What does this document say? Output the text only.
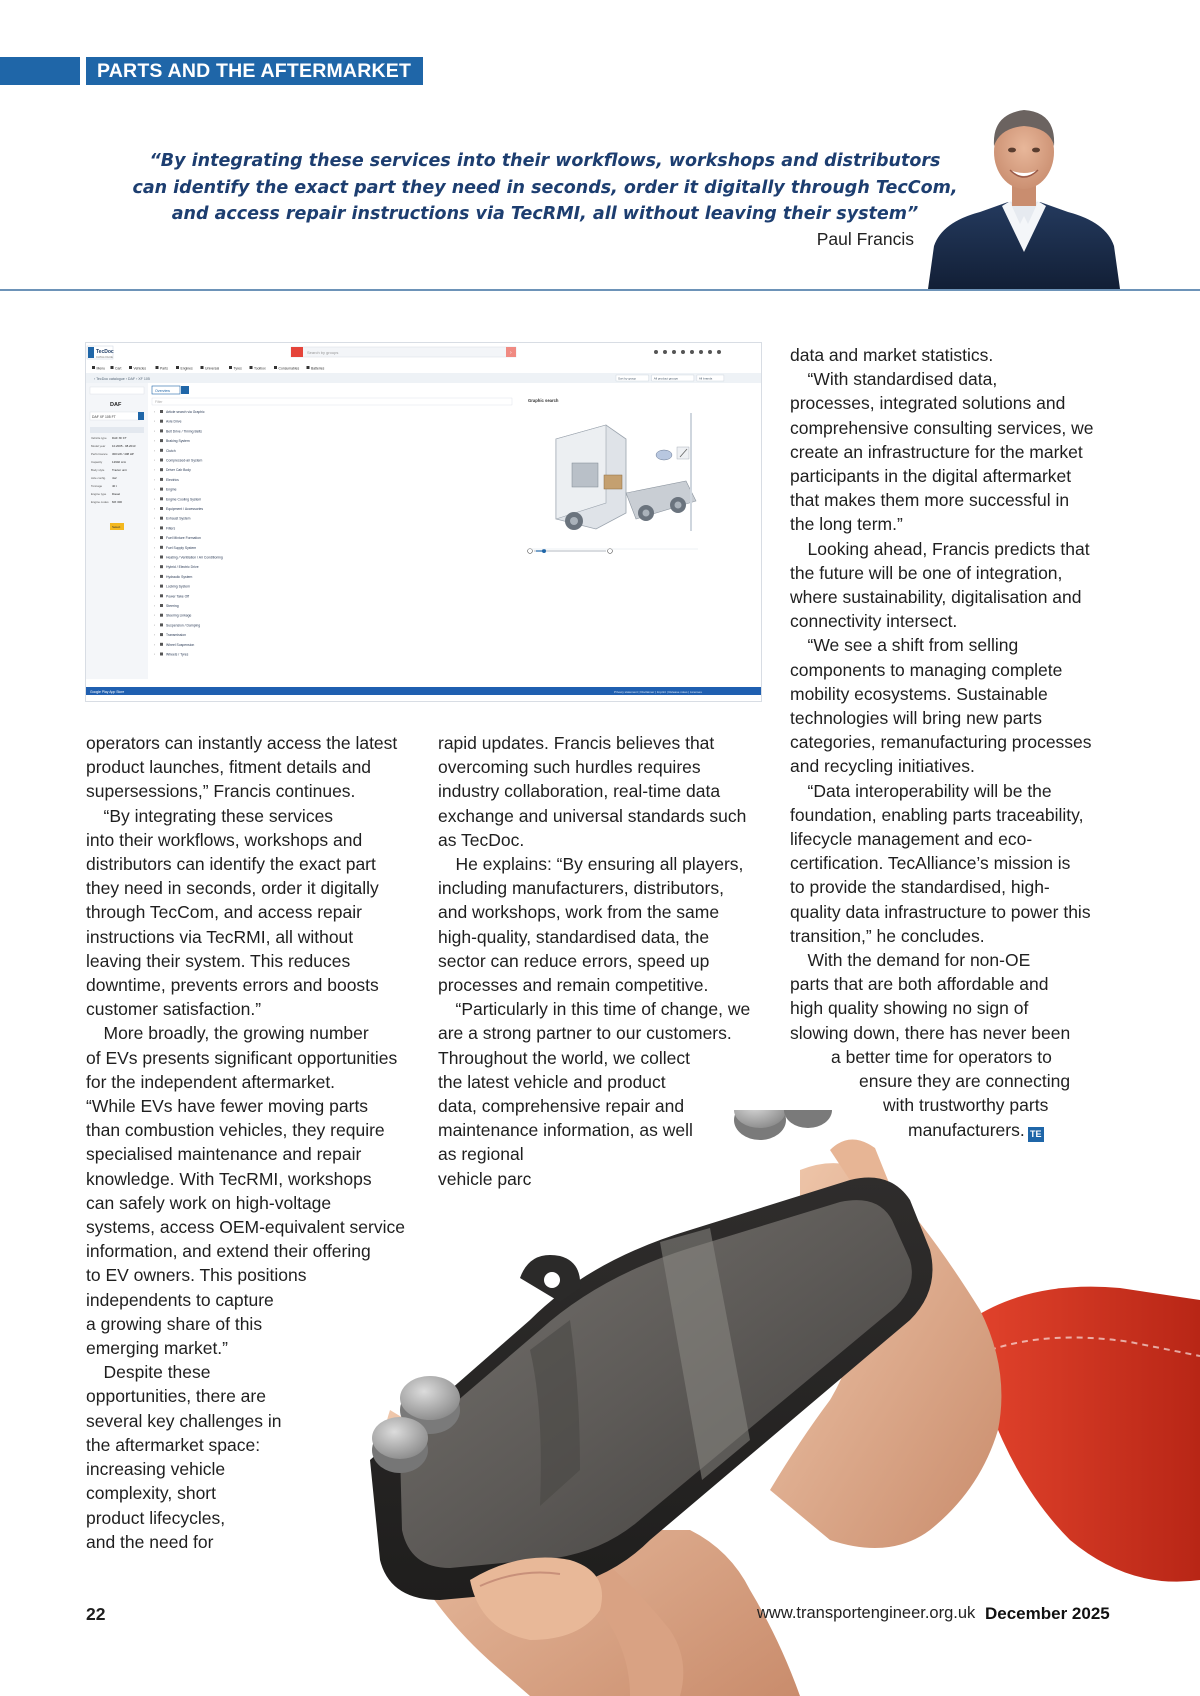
PARTS AND THE AFTERMARKET
“By integrating these services into their workflows, workshops and distributors
can identify the exact part they need in seconds, order it digitally through TecCom,
and access repair instructions via TecRMI, all without leaving their system”
Paul Francis
TecDoc
CATALOGUE
Search by groups	›
Menu	Cart	Vehicles	Parts	Engines	Universal	Tyres	Toolbox	Consumables	Batteries
‹ TecDoc catalogue › DAF › XF 105	Sort by group	All product groups	All brands
DAF
DAF XF 105 FT
Vehicle type DAF XF FT
Model year 10.2005 - 08.2013
Performance 300 kW / 408 HP
Capacity	12902 ccm
Body style	Tractor unit
Axle config. 4x2
Tonnage	40 t
Engine type Diesel
Engine codes MX 300
Select
Overview
Filter
›	Article search via Graphic
›	Axle Drive
›	Belt Drive / Timing Belts
›	Braking System
›	Clutch
›	Compressed-air System
›	Driver Cab Body
›	Electrics
›	Engine
›	Engine Cooling System
›	Equipment / Accessories
›	Exhaust System
›	Filters
›	Fuel Mixture Formation
›	Fuel Supply System
›	Heating / Ventilation / Air Conditioning
›	Hybrid / Electric Drive
›	Hydraulic System
›	Locking System
›	Power Take Off
›	Steering
›	Steering Linkage
›	Suspension / Damping
›	Transmission
›	Wheel Suspension
›	Wheels / Tyres
Graphic search
Google Play App Store	Privacy statement | Disclaimer | Imprint | Release notes | Licenses

operators can instantly access the latest

product launches, fitment details and

supersessions,” Francis continues.

 “By integrating these services

into their workflows, workshops and

distributors can identify the exact part

they need in seconds, order it digitally

through TecCom, and access repair

instructions via TecRMI, all without

leaving their system. This reduces

downtime, prevents errors and boosts

customer satisfaction.”

 More broadly, the growing number

of EVs presents significant opportunities

for the independent aftermarket.

“While EVs have fewer moving parts

than combustion vehicles, they require

specialised maintenance and repair

knowledge. With TecRMI, workshops

can safely work on high-voltage

systems, access OEM-equivalent service

information, and extend their offering

to EV owners. This positions

independents to capture

a growing share of this

emerging market.”

 Despite these

opportunities, there are

several key challenges in

the aftermarket space:

increasing vehicle

complexity, short

product lifecycles,

and the need for

rapid updates. Francis believes that

overcoming such hurdles requires

industry collaboration, real-time data

exchange and universal standards such

as TecDoc.

 He explains: “By ensuring all players,

including manufacturers, distributors,

and workshops, work from the same

high-quality, standardised data, the

sector can reduce errors, speed up

processes and remain competitive.

 “Particularly in this time of change, we

are a strong partner to our customers.

Throughout the world, we collect

the latest vehicle and product

data, comprehensive repair and

maintenance information, as well

as regional

vehicle parc

data and market statistics.

 “With standardised data,

processes, integrated solutions and

comprehensive consulting services, we

create an infrastructure for the market

participants in the digital aftermarket

that makes them more successful in

the long term.”

 Looking ahead, Francis predicts that

the future will be one of integration,

where sustainability, digitalisation and

connectivity intersect.

 “We see a shift from selling

components to managing complete

mobility ecosystems. Sustainable

technologies will bring new parts

categories, remanufacturing processes

and recycling initiatives.

 “Data interoperability will be the

foundation, enabling parts traceability,

lifecycle management and eco-

certification. TecAlliance’s mission is

to provide the standardised, high-

quality data infrastructure to power this

transition,” he concludes.

 With the demand for non-OE

parts that are both affordable and

high quality showing no sign of

slowing down, there has never been

a better time for operators to

ensure they are connecting

with trustworthy parts

manufacturers. TE

22	www.transportengineer.org.uk December 2025
